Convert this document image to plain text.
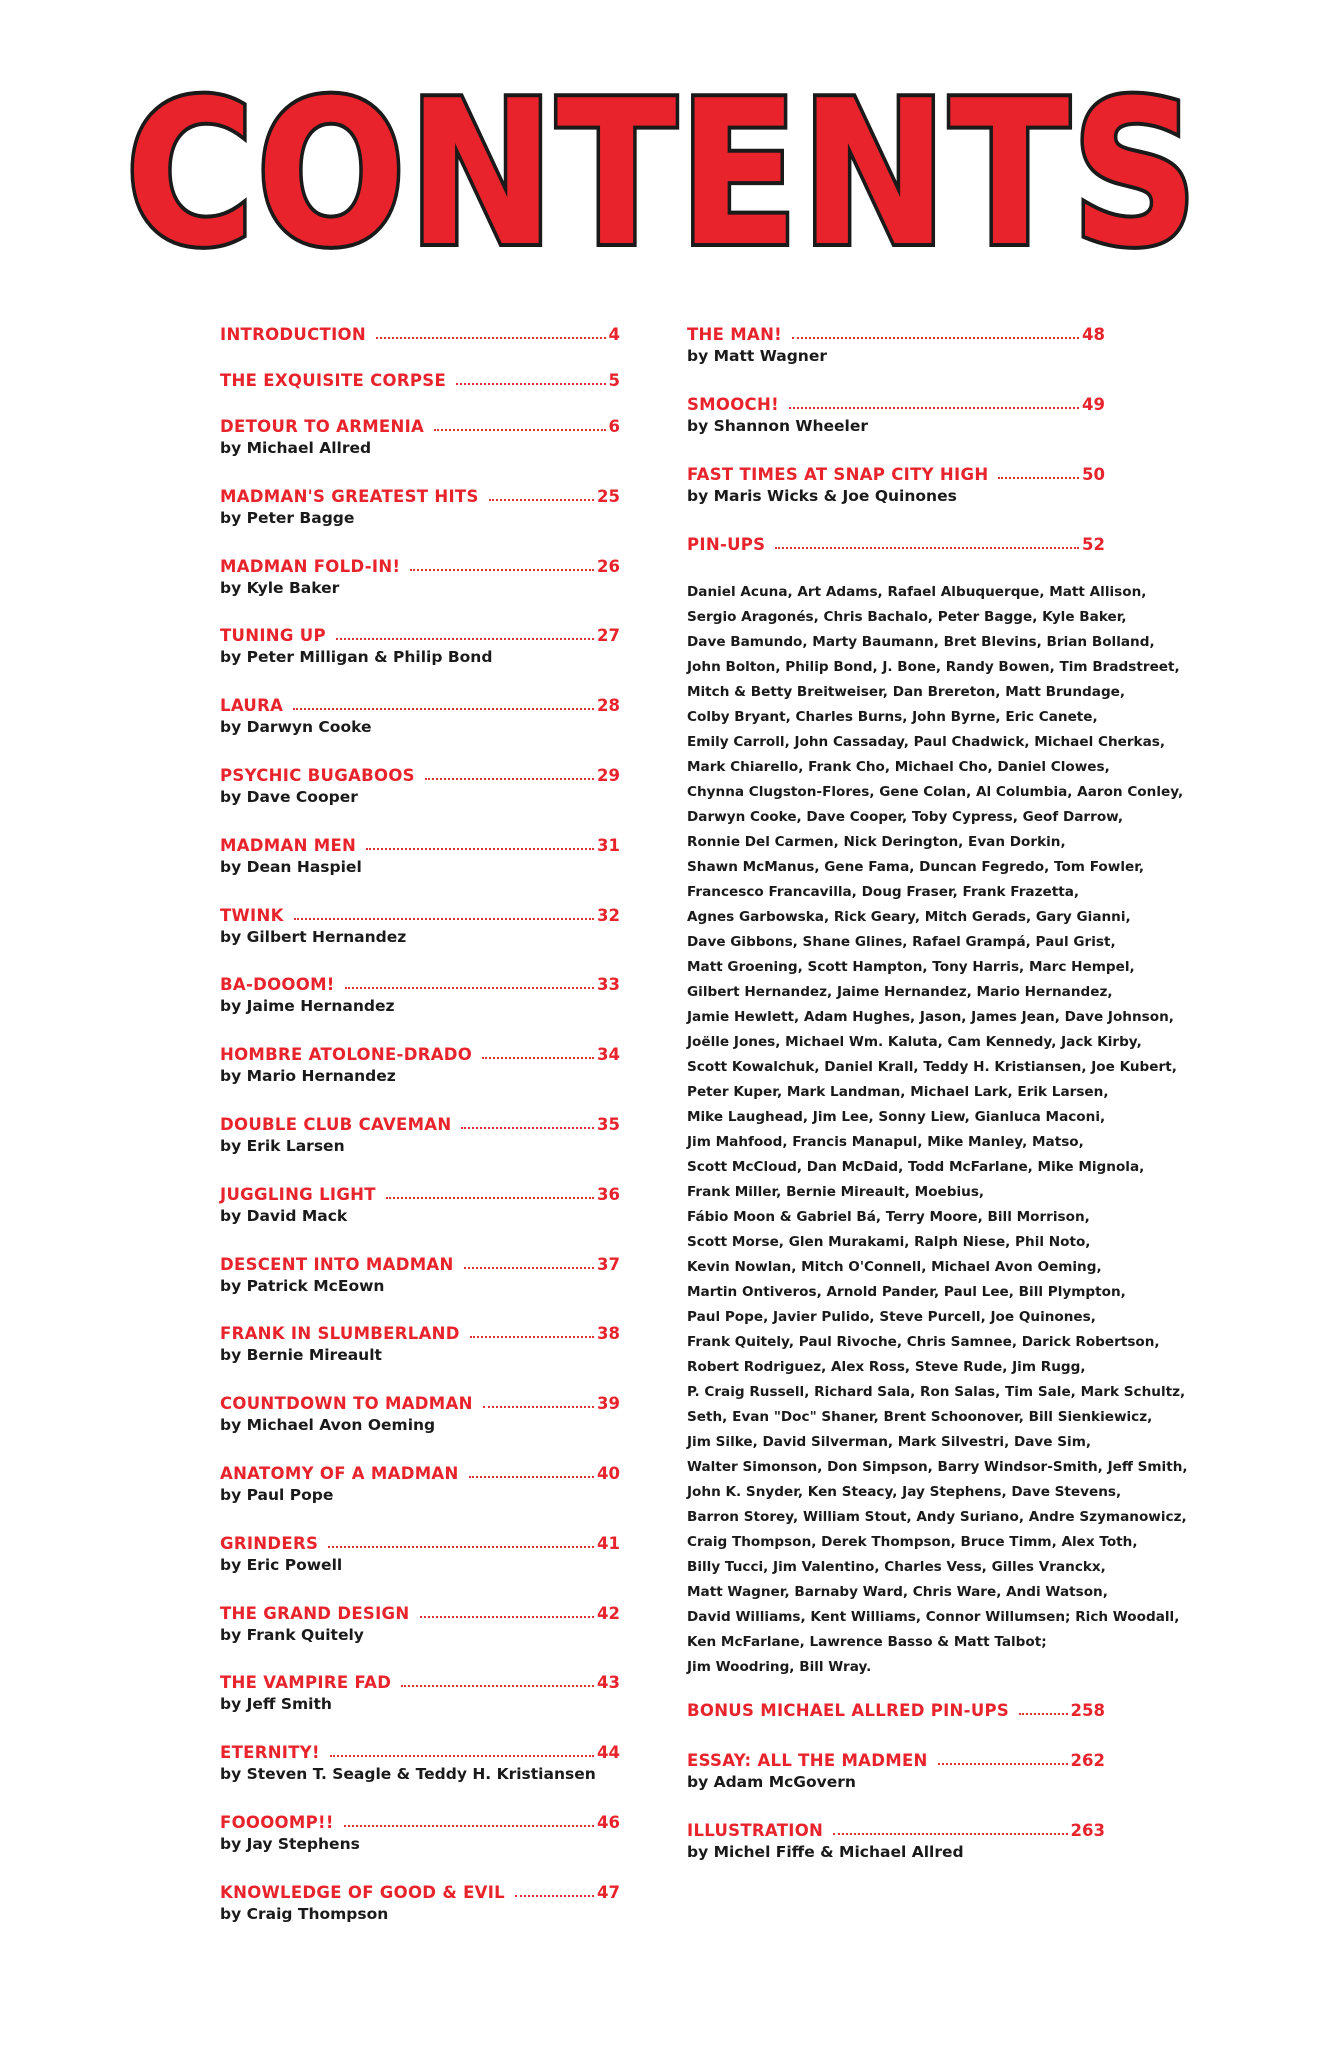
CONTENTS
INTRODUCTION	4
THE EXQUISITE CORPSE	5
DETOUR TO ARMENIA	6
by Michael Allred
MADMAN'S GREATEST HITS	25
by Peter Bagge
MADMAN FOLD-IN!	26
by Kyle Baker
TUNING UP	27
by Peter Milligan & Philip Bond
LAURA	28
by Darwyn Cooke
PSYCHIC BUGABOOS	29
by Dave Cooper
MADMAN MEN	31
by Dean Haspiel
TWINK	32
by Gilbert Hernandez
BA-DOOOM!	33
by Jaime Hernandez
HOMBRE ATOLONE-DRADO	34
by Mario Hernandez
DOUBLE CLUB CAVEMAN	35
by Erik Larsen
JUGGLING LIGHT	36
by David Mack
DESCENT INTO MADMAN	37
by Patrick McEown
FRANK IN SLUMBERLAND	38
by Bernie Mireault
COUNTDOWN TO MADMAN	39
by Michael Avon Oeming
ANATOMY OF A MADMAN	40
by Paul Pope
GRINDERS	41
by Eric Powell
THE GRAND DESIGN	42
by Frank Quitely
THE VAMPIRE FAD	43
by Jeff Smith
ETERNITY!	44
by Steven T. Seagle & Teddy H. Kristiansen
FOOOOMP!!	46
by Jay Stephens
KNOWLEDGE OF GOOD & EVIL	47
by Craig Thompson
THE MAN!	48
by Matt Wagner
SMOOCH!	49
by Shannon Wheeler
FAST TIMES AT SNAP CITY HIGH	50
by Maris Wicks & Joe Quinones
PIN-UPS	52
Daniel Acuna, Art Adams, Rafael Albuquerque, Matt Allison,
Sergio Aragonés, Chris Bachalo, Peter Bagge, Kyle Baker,
Dave Bamundo, Marty Baumann, Bret Blevins, Brian Bolland,
John Bolton, Philip Bond, J. Bone, Randy Bowen, Tim Bradstreet,
Mitch & Betty Breitweiser, Dan Brereton, Matt Brundage,
Colby Bryant, Charles Burns, John Byrne, Eric Canete,
Emily Carroll, John Cassaday, Paul Chadwick, Michael Cherkas,
Mark Chiarello, Frank Cho, Michael Cho, Daniel Clowes,
Chynna Clugston-Flores, Gene Colan, Al Columbia, Aaron Conley,
Darwyn Cooke, Dave Cooper, Toby Cypress, Geof Darrow,
Ronnie Del Carmen, Nick Derington, Evan Dorkin,
Shawn McManus, Gene Fama, Duncan Fegredo, Tom Fowler,
Francesco Francavilla, Doug Fraser, Frank Frazetta,
Agnes Garbowska, Rick Geary, Mitch Gerads, Gary Gianni,
Dave Gibbons, Shane Glines, Rafael Grampá, Paul Grist,
Matt Groening, Scott Hampton, Tony Harris, Marc Hempel,
Gilbert Hernandez, Jaime Hernandez, Mario Hernandez,
Jamie Hewlett, Adam Hughes, Jason, James Jean, Dave Johnson,
Joëlle Jones, Michael Wm. Kaluta, Cam Kennedy, Jack Kirby,
Scott Kowalchuk, Daniel Krall, Teddy H. Kristiansen, Joe Kubert,
Peter Kuper, Mark Landman, Michael Lark, Erik Larsen,
Mike Laughead, Jim Lee, Sonny Liew, Gianluca Maconi,
Jim Mahfood, Francis Manapul, Mike Manley, Matso,
Scott McCloud, Dan McDaid, Todd McFarlane, Mike Mignola,
Frank Miller, Bernie Mireault, Moebius,
Fábio Moon & Gabriel Bá, Terry Moore, Bill Morrison,
Scott Morse, Glen Murakami, Ralph Niese, Phil Noto,
Kevin Nowlan, Mitch O'Connell, Michael Avon Oeming,
Martin Ontiveros, Arnold Pander, Paul Lee, Bill Plympton,
Paul Pope, Javier Pulido, Steve Purcell, Joe Quinones,
Frank Quitely, Paul Rivoche, Chris Samnee, Darick Robertson,
Robert Rodriguez, Alex Ross, Steve Rude, Jim Rugg,
P. Craig Russell, Richard Sala, Ron Salas, Tim Sale, Mark Schultz,
Seth, Evan "Doc" Shaner, Brent Schoonover, Bill Sienkiewicz,
Jim Silke, David Silverman, Mark Silvestri, Dave Sim,
Walter Simonson, Don Simpson, Barry Windsor-Smith, Jeff Smith,
John K. Snyder, Ken Steacy, Jay Stephens, Dave Stevens,
Barron Storey, William Stout, Andy Suriano, Andre Szymanowicz,
Craig Thompson, Derek Thompson, Bruce Timm, Alex Toth,
Billy Tucci, Jim Valentino, Charles Vess, Gilles Vranckx,
Matt Wagner, Barnaby Ward, Chris Ware, Andi Watson,
David Williams, Kent Williams, Connor Willumsen; Rich Woodall,
Ken McFarlane, Lawrence Basso & Matt Talbot;
Jim Woodring, Bill Wray.
BONUS MICHAEL ALLRED PIN-UPS	258
ESSAY: ALL THE MADMEN	262
by Adam McGovern
ILLUSTRATION	263
by Michel Fiffe & Michael Allred
